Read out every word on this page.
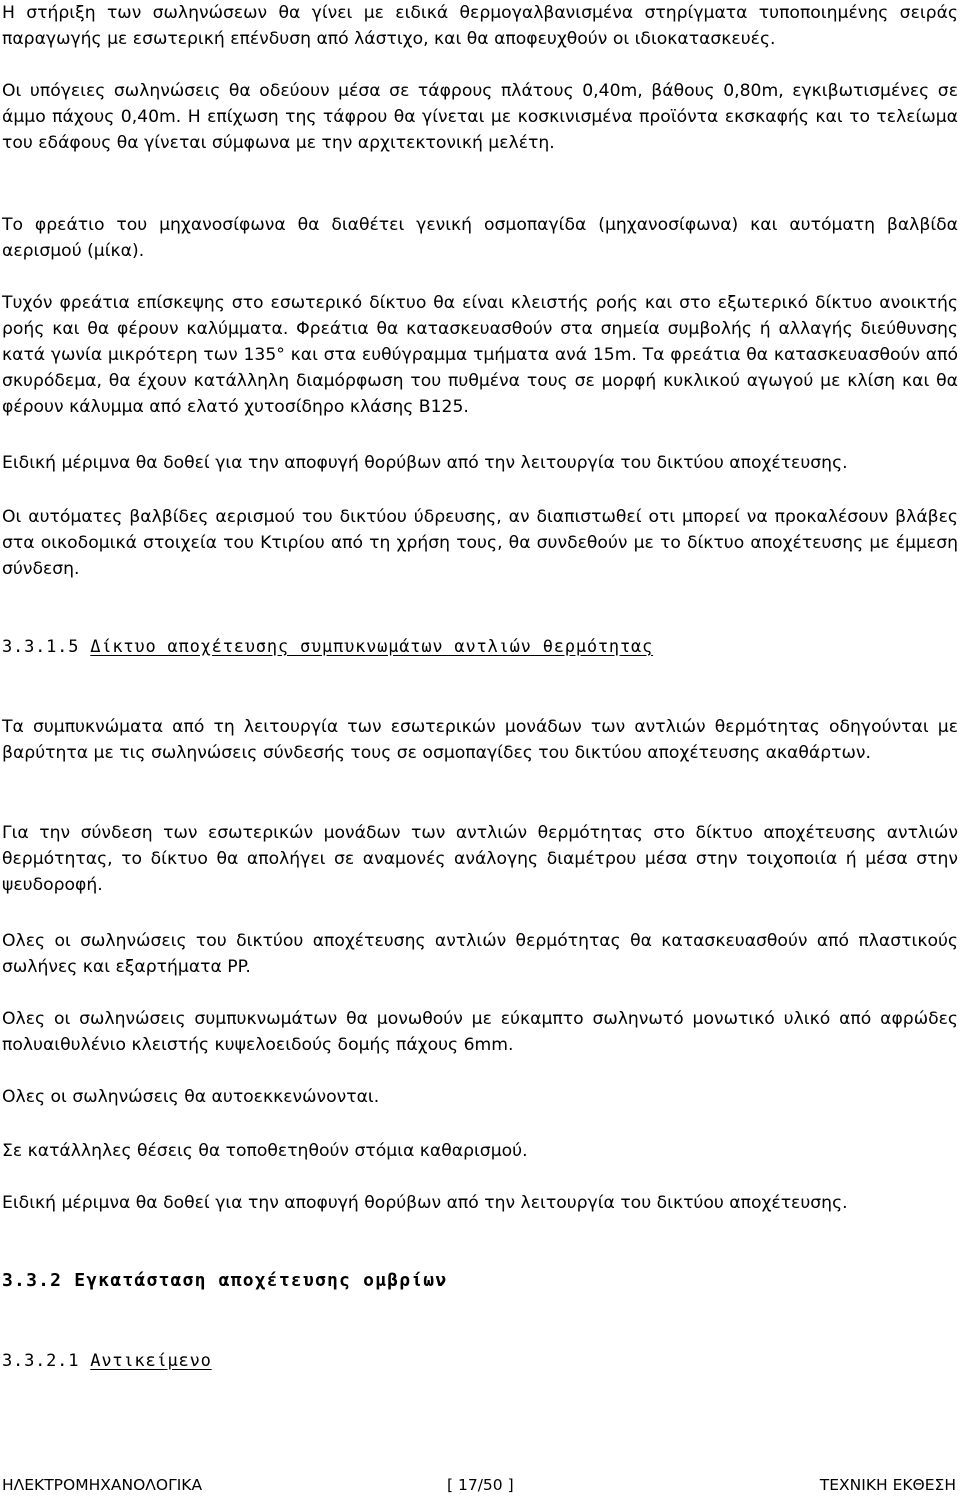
Η στήριξη των σωληνώσεων θα γίνει με ειδικά θερμογαλβανισμένα στηρίγματα τυποποιημένης σειράς παραγωγής με εσωτερική επένδυση από λάστιχο, και θα αποφευχθούν οι ιδιοκατασκευές.

Οι υπόγειες σωληνώσεις θα οδεύουν μέσα σε τάφρους πλάτους 0,40m, βάθους 0,80m, εγκιβωτισμένες σε άμμο πάχους 0,40m. Η επίχωση της τάφρου θα γίνεται με κοσκινισμένα προϊόντα εκσκαφής και το τελείωμα του εδάφους θα γίνεται σύμφωνα με την αρχιτεκτονική μελέτη.

Το φρεάτιο του μηχανοσίφωνα θα διαθέτει γενική οσμοπαγίδα (μηχανοσίφωνα) και αυτόματη βαλβίδα αερισμού (μίκα).

Τυχόν φρεάτια επίσκεψης στο εσωτερικό δίκτυο θα είναι κλειστής ροής και στο εξωτερικό δίκτυο ανοικτής ροής και θα φέρουν καλύμματα. Φρεάτια θα κατασκευασθούν στα σημεία συμβολής ή αλλαγής διεύθυνσης κατά γωνία μικρότερη των 135° και στα ευθύγραμμα τμήματα ανά 15m. Τα φρεάτια θα κατασκευασθούν από σκυρόδεμα, θα έχουν κατάλληλη διαμόρφωση του πυθμένα τους σε μορφή κυκλικού αγωγού με κλίση και θα φέρουν κάλυμμα από ελατό χυτοσίδηρο κλάσης Β125.

Ειδική μέριμνα θα δοθεί για την αποφυγή θορύβων από την λειτουργία του δικτύου αποχέτευσης.

Οι αυτόματες βαλβίδες αερισμού του δικτύου ύδρευσης, αν διαπιστωθεί οτι μπορεί να προκαλέσουν βλάβες στα οικοδομικά στοιχεία του Κτιρίου από τη χρήση τους, θα συνδεθούν με το δίκτυο αποχέτευσης με έμμεση σύνδεση.

3.3.1.5 Δίκτυο αποχέτευσης συμπυκνωμάτων αντλιών θερμότητας

Τα συμπυκνώματα από τη λειτουργία των εσωτερικών μονάδων των αντλιών θερμότητας οδηγούνται με βαρύτητα με τις σωληνώσεις σύνδεσής τους σε οσμοπαγίδες του δικτύου αποχέτευσης ακαθάρτων.

Για την σύνδεση των εσωτερικών μονάδων των αντλιών θερμότητας στο δίκτυο αποχέτευσης αντλιών θερμότητας, το δίκτυο θα απολήγει σε αναμονές ανάλογης διαμέτρου μέσα στην τοιχοποιία ή μέσα στην ψευδοροφή.

Ολες οι σωληνώσεις του δικτύου αποχέτευσης αντλιών θερμότητας θα κατασκευασθούν από πλαστικούς σωλήνες και εξαρτήματα PP.

Ολες οι σωληνώσεις συμπυκνωμάτων θα μονωθούν με εύκαμπτο σωληνωτό μονωτικό υλικό από αφρώδες πολυαιθυλένιο κλειστής κυψελοειδούς δομής πάχους 6mm.

Ολες οι σωληνώσεις θα αυτοεκκενώνονται.

Σε κατάλληλες θέσεις θα τοποθετηθούν στόμια καθαρισμού.

Ειδική μέριμνα θα δοθεί για την αποφυγή θορύβων από την λειτουργία του δικτύου αποχέτευσης.

3.3.2 Εγκατάσταση αποχέτευσης ομβρίων
3.3.2.1 Αντικείμενο
ΗΛΕΚΤΡΟΜΗΧΑΝΟΛΟΓΙΚΑ	[ 17/50 ]	ΤΕΧΝΙΚΗ ΕΚΘΕΣΗ
